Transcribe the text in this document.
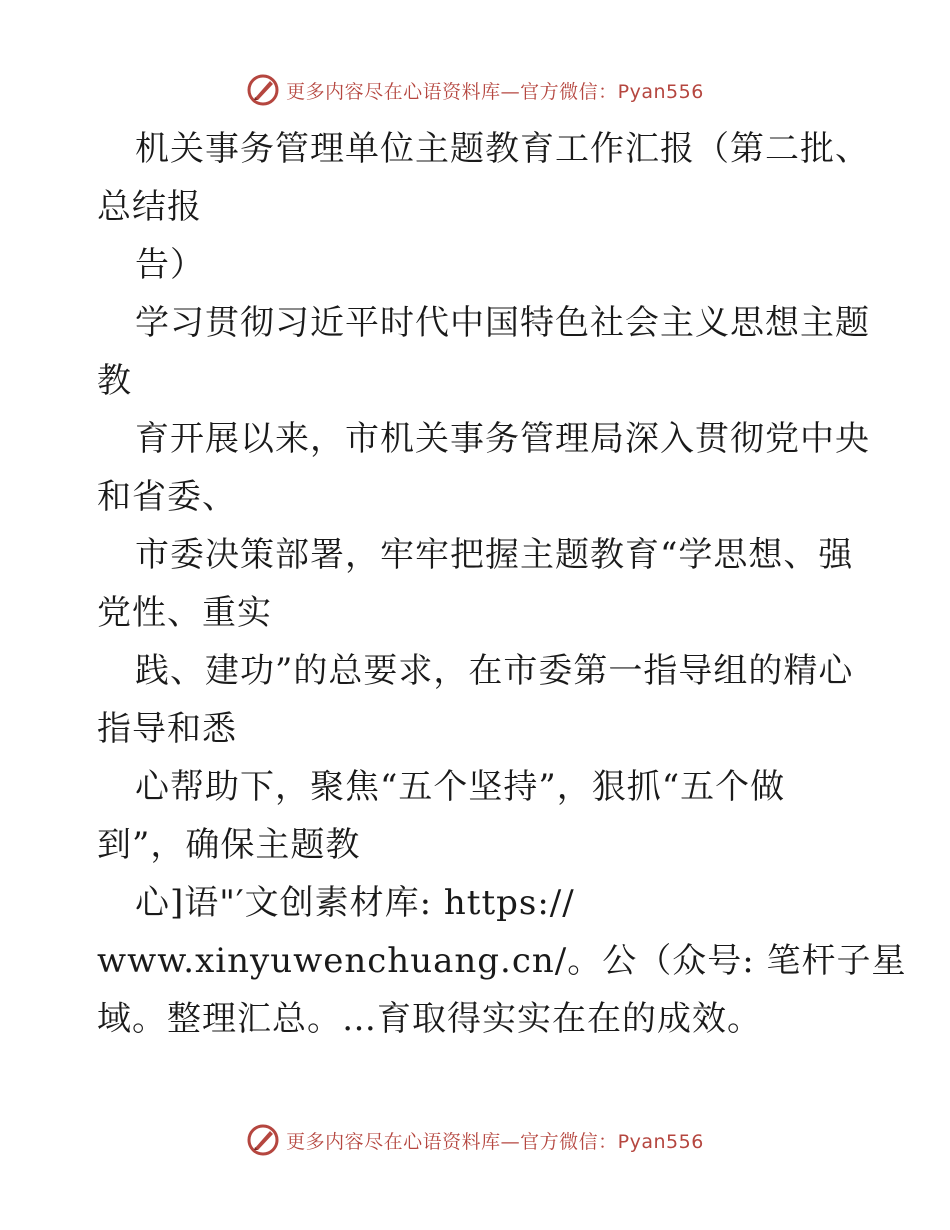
更多内容尽在心语资料库—官方微信：Pyan556
机关事务管理单位主题教育工作汇报（第二批、
总结报
告）
学习贯彻习近平时代中国特色社会主义思想主题
教
育开展以来，市机关事务管理局深入贯彻党中央
和省委、
市委决策部署，牢牢把握主题教育“学思想、强
党性、重实
践、建功”的总要求，在市委第一指导组的精心
指导和悉
心帮助下，聚焦“五个坚持”，狠抓“五个做
到”，确保主题教
心]语"′文创素材库: https://
www.xinyuwenchuang.cn/。公（众号: 笔杆子星
域。整理汇总。…育取得实实在在的成效。
更多内容尽在心语资料库—官方微信：Pyan556
